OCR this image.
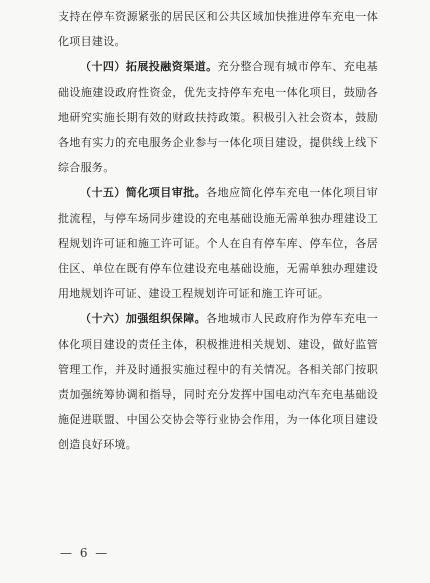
支持在停车资源紧张的居民区和公共区域加快推进停车充电一体化项目建设。

（十四）拓展投融资渠道。充分整合现有城市停车、充电基础设施建设政府性资金，优先支持停车充电一体化项目，鼓励各地研究实施长期有效的财政扶持政策。积极引入社会资本，鼓励各地有实力的充电服务企业参与一体化项目建设，提供线上线下综合服务。

（十五）简化项目审批。各地应简化停车充电一体化项目审批流程，与停车场同步建设的充电基础设施无需单独办理建设工程规划许可证和施工许可证。个人在自有停车库、停车位，各居住区、单位在既有停车位建设充电基础设施，无需单独办理建设用地规划许可证、建设工程规划许可证和施工许可证。

（十六）加强组织保障。各地城市人民政府作为停车充电一体化项目建设的责任主体，积极推进相关规划、建设，做好监管管理工作，并及时通报实施过程中的有关情况。各相关部门按职责加强统筹协调和指导，同时充分发挥中国电动汽车充电基础设施促进联盟、中国公交协会等行业协会作用，为一体化项目建设创造良好环境。

— 6 —
